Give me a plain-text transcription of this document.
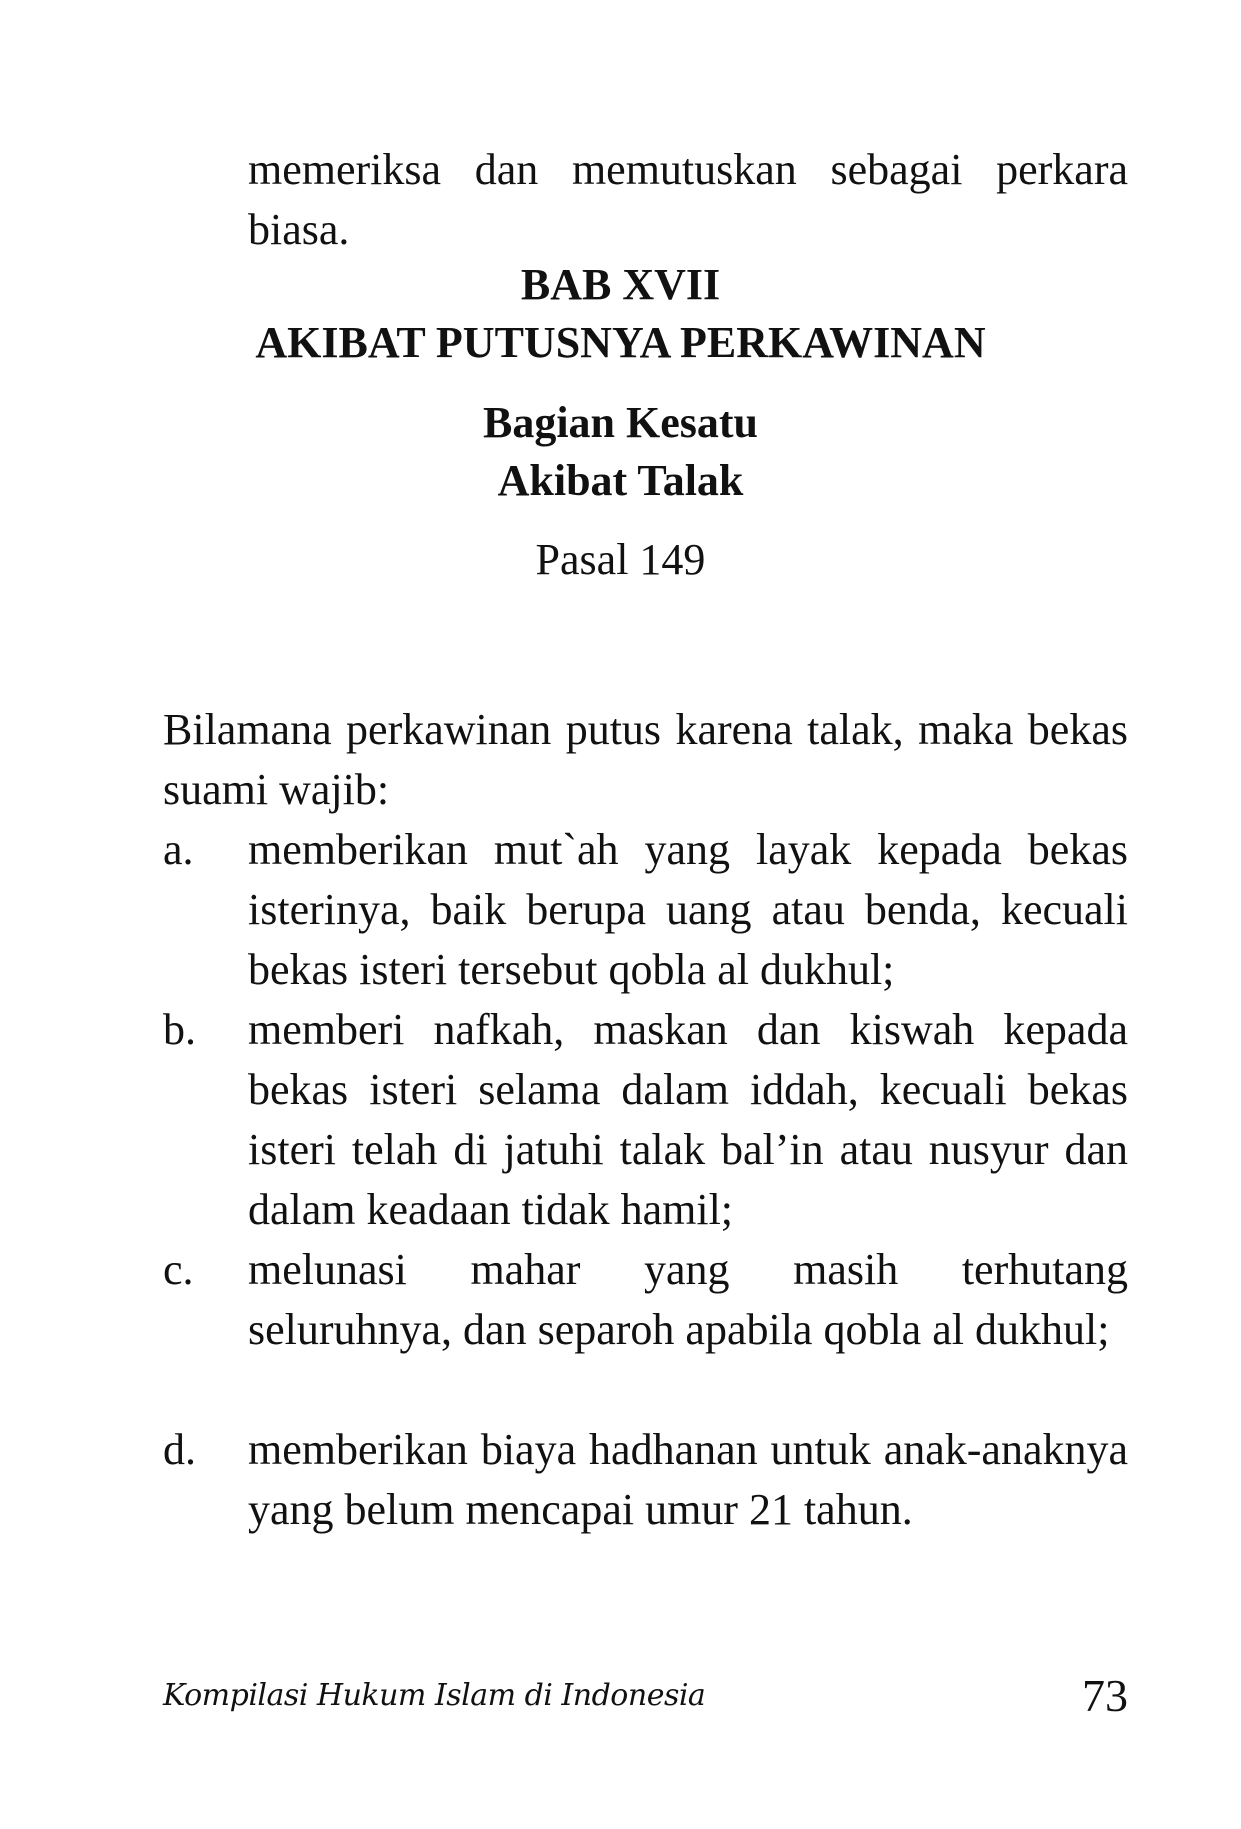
memeriksa dan memutuskan sebagai perkara biasa.
BAB XVII
AKIBAT PUTUSNYA PERKAWINAN
Bagian Kesatu
Akibat Talak
Pasal 149
Bilamana perkawinan putus karena talak, maka bekas suami wajib:
a. memberikan mut`ah yang layak kepada bekas isterinya, baik berupa uang atau benda, kecuali bekas isteri tersebut qobla al dukhul;
b. memberi nafkah, maskan dan kiswah kepada bekas isteri selama dalam iddah, kecuali bekas isteri telah di jatuhi talak bal’in atau nusyur dan dalam keadaan tidak hamil;
c. melunasi mahar yang masih terhutang seluruhnya, dan separoh apabila qobla al dukhul;
d. memberikan biaya hadhanan untuk anak-anaknya yang belum mencapai umur 21 tahun.
Kompilasi Hukum Islam di Indonesia	73
